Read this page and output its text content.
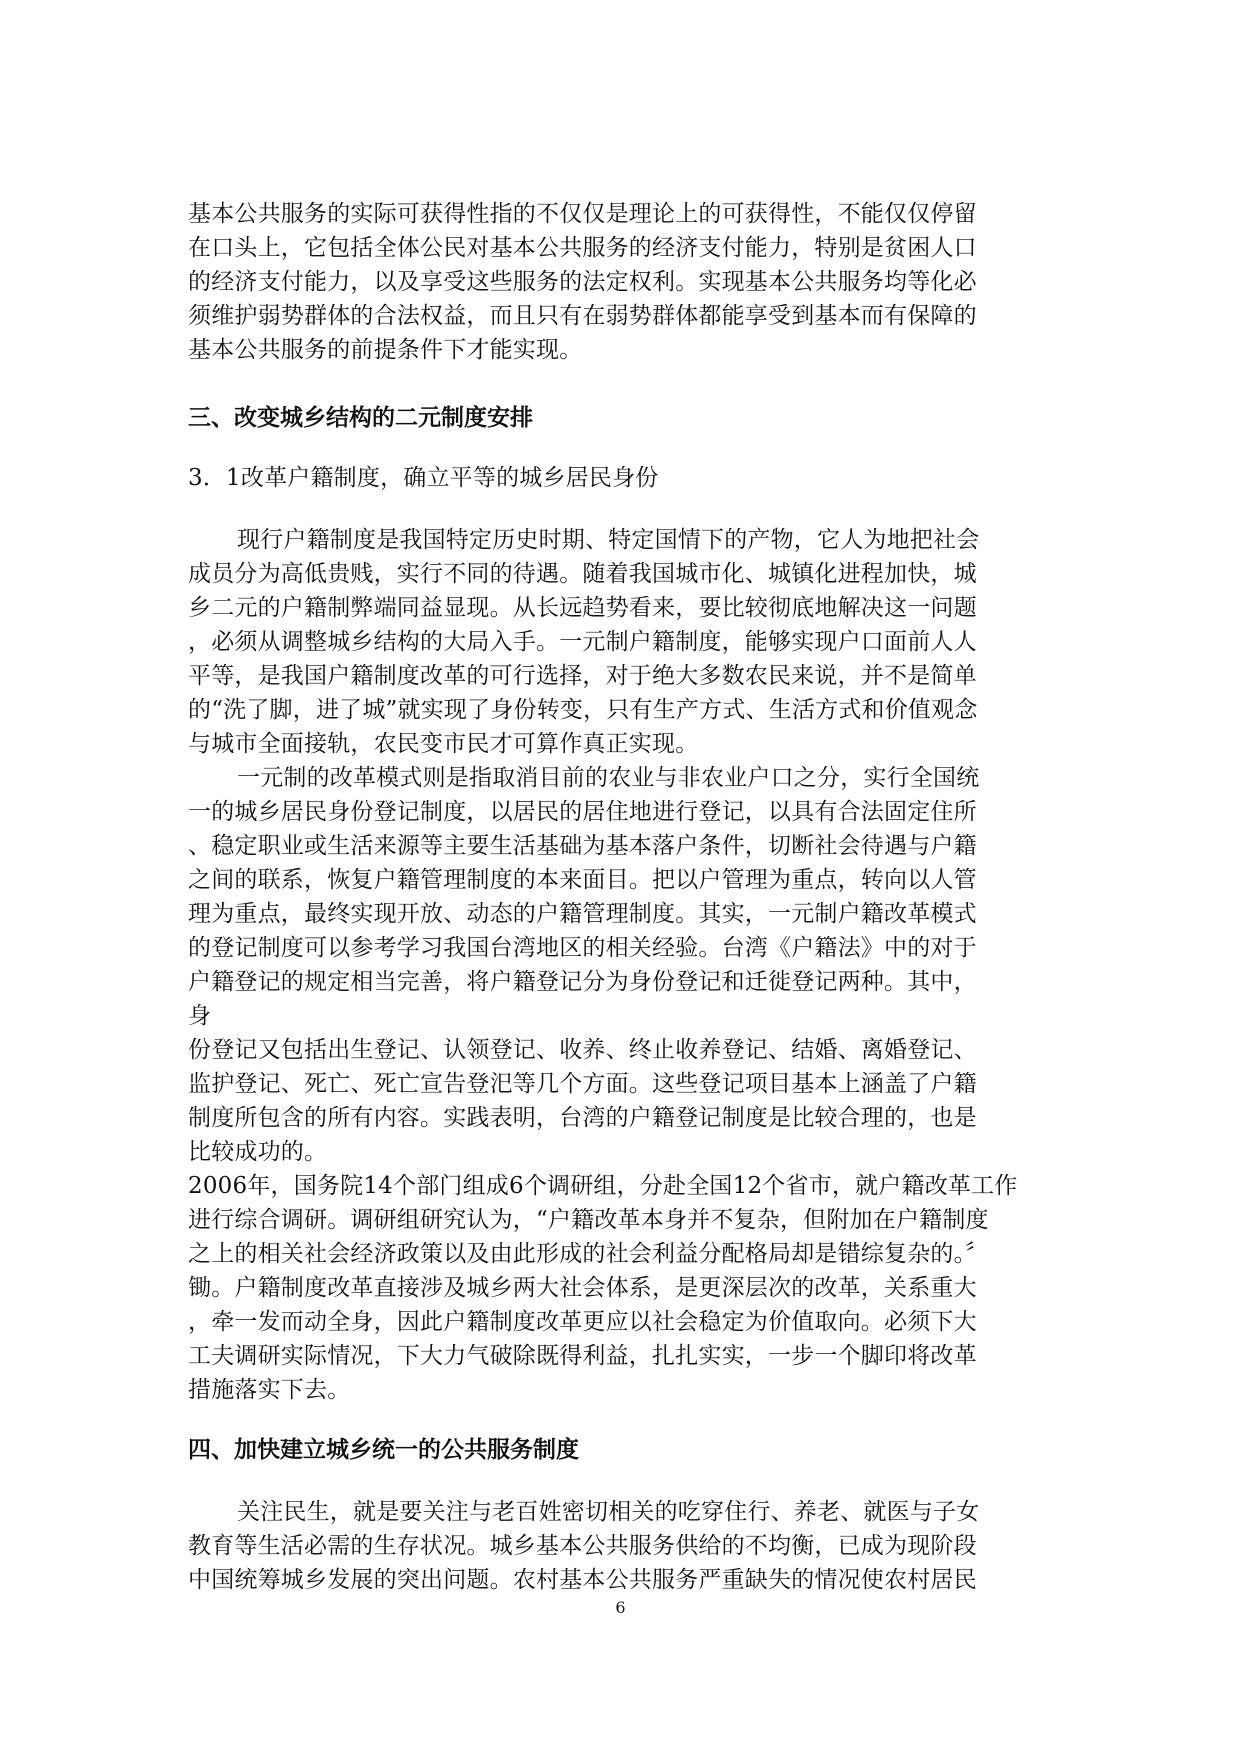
基本公共服务的实际可获得性指的不仅仅是理论上的可获得性，不能仅仅停留
在口头上，它包括全体公民对基本公共服务的经济支付能力，特别是贫困人口
的经济支付能力，以及享受这些服务的法定权利。实现基本公共服务均等化必
须维护弱势群体的合法权益，而且只有在弱势群体都能享受到基本而有保障的
基本公共服务的前提条件下才能实现。
三、改变城乡结构的二元制度安排
3．1改革户籍制度，确立平等的城乡居民身份
现行户籍制度是我国特定历史时期、特定国情下的产物，它人为地把社会
成员分为高低贵贱，实行不同的待遇。随着我国城市化、城镇化进程加快，城
乡二元的户籍制弊端同益显现。从长远趋势看来，要比较彻底地解决这一问题
，必须从调整城乡结构的大局入手。一元制户籍制度，能够实现户口面前人人
平等，是我国户籍制度改革的可行选择，对于绝大多数农民来说，并不是简单
的“洗了脚，进了城”就实现了身份转变，只有生产方式、生活方式和价值观念
与城市全面接轨，农民变市民才可算作真正实现。
一元制的改革模式则是指取消目前的农业与非农业户口之分，实行全国统
一的城乡居民身份登记制度，以居民的居住地进行登记，以具有合法固定住所
、稳定职业或生活来源等主要生活基础为基本落户条件，切断社会待遇与户籍
之间的联系，恢复户籍管理制度的本来面目。把以户管理为重点，转向以人管
理为重点，最终实现开放、动态的户籍管理制度。其实，一元制户籍改革模式
的登记制度可以参考学习我国台湾地区的相关经验。台湾《户籍法》中的对于
户籍登记的规定相当完善，将户籍登记分为身份登记和迁徙登记两种。其中，
身
份登记又包括出生登记、认领登记、收养、终止收养登记、结婚、离婚登记、
监护登记、死亡、死亡宣告登汜等几个方面。这些登记项目基本上涵盖了户籍
制度所包含的所有内容。实践表明，台湾的户籍登记制度是比较合理的，也是
比较成功的。
2006年，国务院14个部门组成6个调研组，分赴全国12个省市，就户籍改革工作
进行综合调研。调研组研究认为，“户籍改革本身并不复杂，但附加在户籍制度
之上的相关社会经济政策以及由此形成的社会利益分配格局却是错综复杂的。〞
锄。户籍制度改革直接涉及城乡两大社会体系，是更深层次的改革，关系重大
，牵一发而动全身，因此户籍制度改革更应以社会稳定为价值取向。必须下大
工夫调研实际情况，下大力气破除既得利益，扎扎实实，一步一个脚印将改革
措施落实下去。
四、加快建立城乡统一的公共服务制度
关注民生，就是要关注与老百姓密切相关的吃穿住行、养老、就医与子女
教育等生活必需的生存状况。城乡基本公共服务供给的不均衡，已成为现阶段
中国统筹城乡发展的突出问题。农村基本公共服务严重缺失的情况使农村居民
6
